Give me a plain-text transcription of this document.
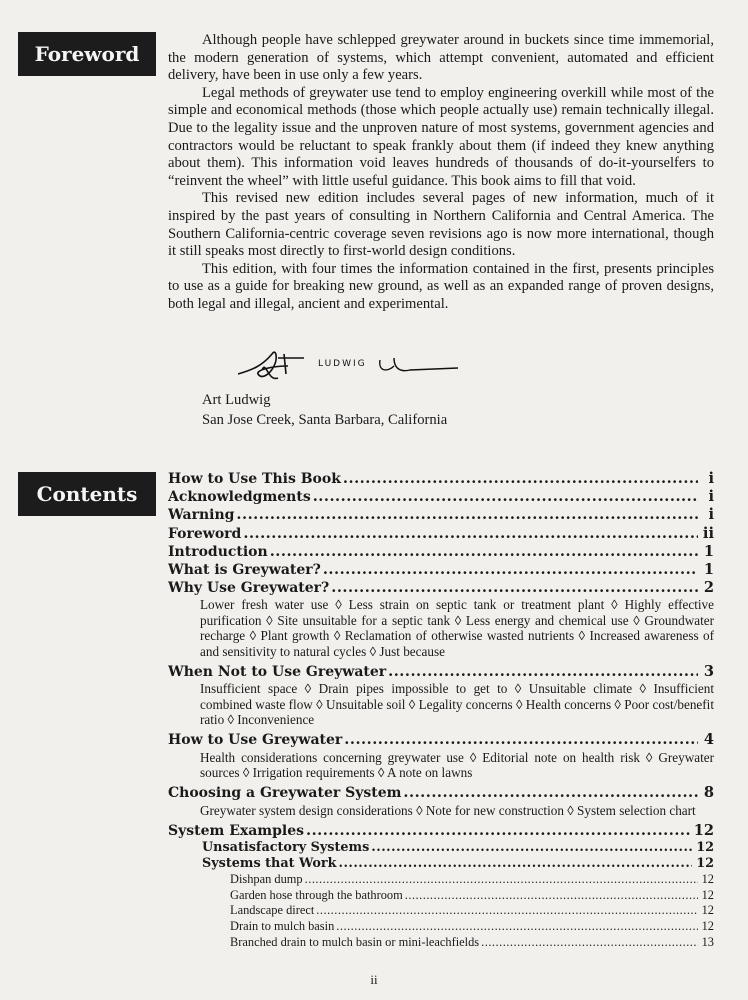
Foreword

Although people have schlepped greywater around in buckets since time immemorial, the modern generation of systems, which attempt convenient, automated and efficient delivery, have been in use only a few years.

Legal methods of greywater use tend to employ engineering overkill while most of the simple and economical methods (those which people actually use) remain technically illegal. Due to the legality issue and the unproven nature of most systems, government agencies and contractors would be reluctant to speak frankly about them (if indeed they knew anything about them). This information void leaves hundreds of thousands of do-it-yourselfers to “reinvent the wheel” with little useful guidance. This book aims to fill that void.

This revised new edition includes several pages of new information, much of it inspired by the past years of consulting in Northern California and Central America. The Southern California-centric coverage seven revisions ago is now more international, though it still speaks most directly to first-world design conditions.

This edition, with four times the information contained in the first, presents principles to use as a guide for breaking new ground, as well as an expanded range of proven designs, both legal and illegal, ancient and experimental.

LUDWIG
Art Ludwig
San Jose Creek, Santa Barbara, California
Contents
How to Use This Book .....	i
Acknowledgments .....	i
Warning .....	i
Foreword .....	ii
Introduction .....	1
What is Greywater? .....	1
Why Use Greywater? .....	2
Lower fresh water use ◊ Less strain on septic tank or treatment plant ◊ Highly effective purification ◊ Site unsuitable for a septic tank ◊ Less energy and chemical use ◊ Groundwater recharge ◊ Plant growth ◊ Reclamation of otherwise wasted nutrients ◊ Increased awareness of and sensitivity to natural cycles ◊ Just because
When Not to Use Greywater .....	3
Insufficient space ◊ Drain pipes impossible to get to ◊ Unsuitable climate ◊ Insufficient combined waste flow ◊ Unsuitable soil ◊ Legality concerns ◊ Health concerns ◊ Poor cost/benefit ratio ◊ Inconvenience
How to Use Greywater .....	4
Health considerations concerning greywater use ◊ Editorial note on health risk ◊ Greywater sources ◊ Irrigation requirements ◊ A note on lawns
Choosing a Greywater System .....	8
Greywater system design considerations ◊ Note for new construction ◊ System selection chart
System Examples .....	12
Unsatisfactory Systems .....	12
Systems that Work .....	12
Dishpan dump .....	12
Garden hose through the bathroom .....	12
Landscape direct .....	12
Drain to mulch basin .....	12
Branched drain to mulch basin or mini-leachfields .....	13
ii
